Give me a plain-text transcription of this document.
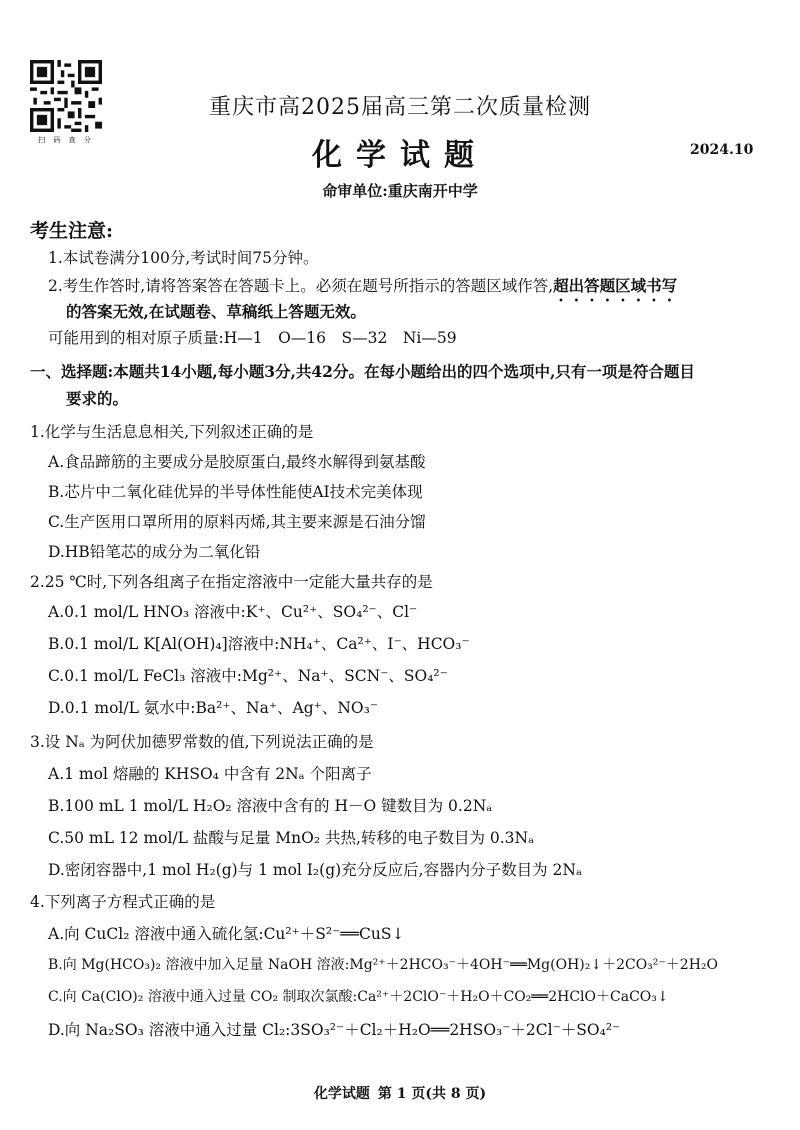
扫 码 查 分
重庆市高2025届高三第二次质量检测
化学试题	2024.10
命审单位:重庆南开中学
考生注意:
1.本试卷满分100分,考试时间75分钟。
2.考生作答时,请将答案答在答题卡上。必须在题号所指示的答题区域作答,超出答题区域书写
的答案无效,在试题卷、草稿纸上答题无效。
可能用到的相对原子质量:H—1　O—16　S—32　Ni—59
一、选择题:本题共14小题,每小题3分,共42分。在每小题给出的四个选项中,只有一项是符合题目
要求的。
1.化学与生活息息相关,下列叙述正确的是
A.食品蹄筋的主要成分是胶原蛋白,最终水解得到氨基酸
B.芯片中二氧化硅优异的半导体性能使AI技术完美体现
C.生产医用口罩所用的原料丙烯,其主要来源是石油分馏
D.HB铅笔芯的成分为二氧化铅
2.25 ℃时,下列各组离子在指定溶液中一定能大量共存的是
A.0.1 mol/L HNO₃ 溶液中:K⁺、Cu²⁺、SO₄²⁻、Cl⁻
B.0.1 mol/L K[Al(OH)₄]溶液中:NH₄⁺、Ca²⁺、I⁻、HCO₃⁻
C.0.1 mol/L FeCl₃ 溶液中:Mg²⁺、Na⁺、SCN⁻、SO₄²⁻
D.0.1 mol/L 氨水中:Ba²⁺、Na⁺、Ag⁺、NO₃⁻
3.设 Nₐ 为阿伏加德罗常数的值,下列说法正确的是
A.1 mol 熔融的 KHSO₄ 中含有 2Nₐ 个阳离子
B.100 mL 1 mol/L H₂O₂ 溶液中含有的 H－O 键数目为 0.2Nₐ
C.50 mL 12 mol/L 盐酸与足量 MnO₂ 共热,转移的电子数目为 0.3Nₐ
D.密闭容器中,1 mol H₂(g)与 1 mol I₂(g)充分反应后,容器内分子数目为 2Nₐ
4.下列离子方程式正确的是
A.向 CuCl₂ 溶液中通入硫化氢:Cu²⁺＋S²⁻══CuS↓
B.向 Mg(HCO₃)₂ 溶液中加入足量 NaOH 溶液:Mg²⁺＋2HCO₃⁻＋4OH⁻══Mg(OH)₂↓＋2CO₃²⁻＋2H₂O
C.向 Ca(ClO)₂ 溶液中通入过量 CO₂ 制取次氯酸:Ca²⁺＋2ClO⁻＋H₂O＋CO₂══2HClO＋CaCO₃↓
D.向 Na₂SO₃ 溶液中通入过量 Cl₂:3SO₃²⁻＋Cl₂＋H₂O══2HSO₃⁻＋2Cl⁻＋SO₄²⁻
化学试题 第 1 页(共 8 页)
